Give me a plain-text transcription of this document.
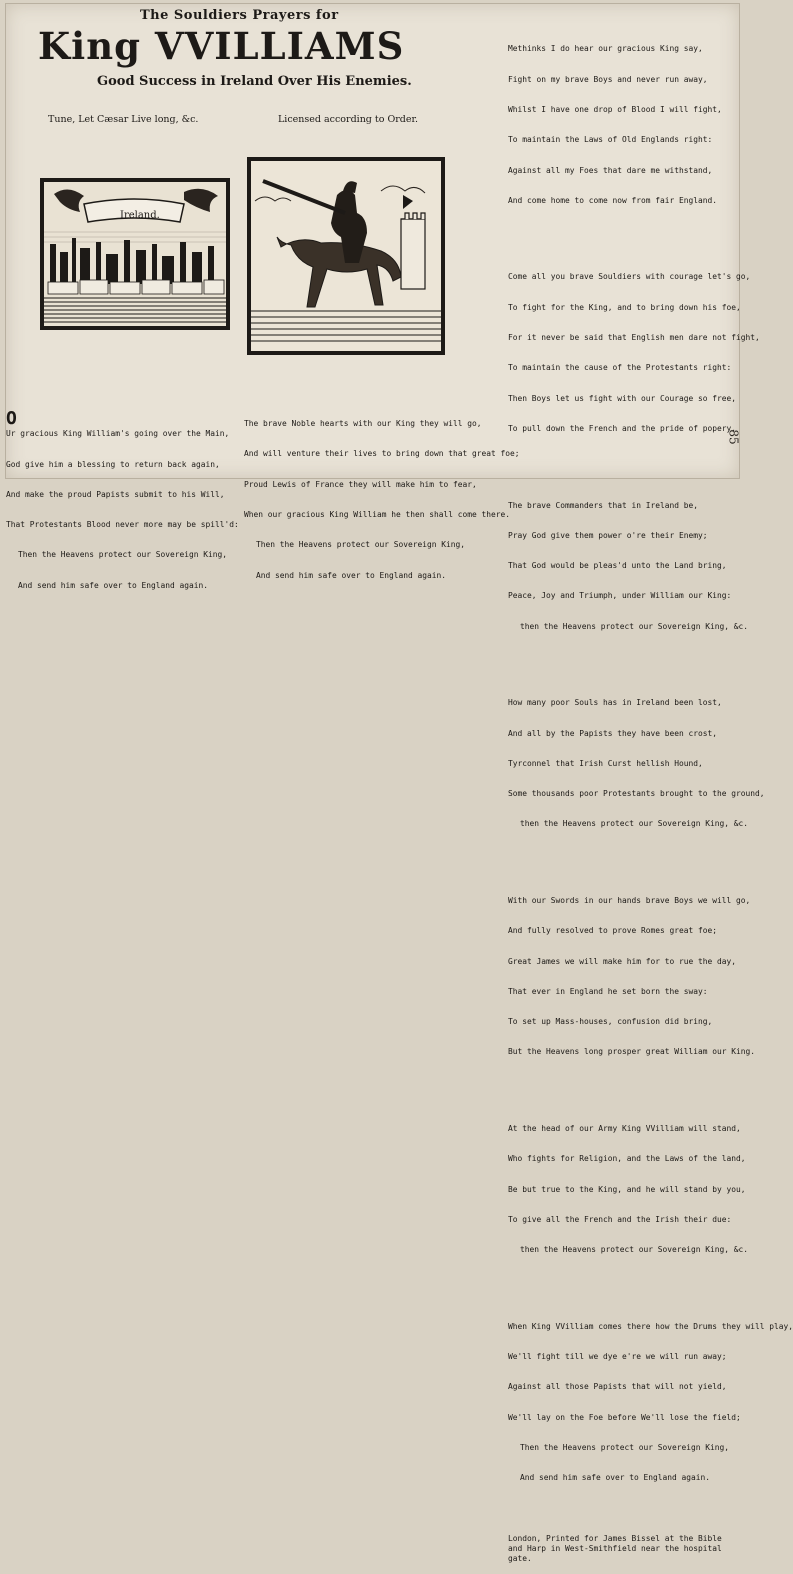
The Souldiers Prayers for
King VVILLIAMS
Good Success in Ireland Over His Enemies.
Tune, Let Cæsar Live long, &c.	Licensed according to Order.
Ireland.

O

Ur gracious King William's going over the Main,

God give him a blessing to return back again,

And make the proud Papists submit to his Will,

That Protestants Blood never more may be spill'd:

Then the Heavens protect our Sovereign King,

And send him safe over to England again.

The brave Noble hearts with our King they will go,

And will venture their lives to bring down that great foe;

Proud Lewis of France they will make him to fear,

When our gracious King William he then shall come there.

Then the Heavens protect our Sovereign King,

And send him safe over to England again.

Methinks I do hear our gracious King say,

Fight on my brave Boys and never run away,

Whilst I have one drop of Blood I will fight,

To maintain the Laws of Old Englands right:

Against all my Foes that dare me withstand,

And come home to come now from fair England.

Come all you brave Souldiers with courage let's go,

To fight for the King, and to bring down his foe,

For it never be said that English men dare not fight,

To maintain the cause of the Protestants right:

Then Boys let us fight with our Courage so free,

To pull down the French and the pride of popery.

The brave Commanders that in Ireland be,

Pray God give them power o're their Enemy;

That God would be pleas'd unto the Land bring,

Peace, Joy and Triumph, under William our King:

then the Heavens protect our Sovereign King, &c.

How many poor Souls has in Ireland been lost,

And all by the Papists they have been crost,

Tyrconnel that Irish Curst hellish Hound,

Some thousands poor Protestants brought to the ground,

then the Heavens protect our Sovereign King, &c.

With our Swords in our hands brave Boys we will go,

And fully resolved to prove Romes great foe;

Great James we will make him for to rue the day,

That ever in England he set born the sway:

To set up Mass-houses, confusion did bring,

But the Heavens long prosper great William our King.

At the head of our Army King VVilliam will stand,

Who fights for Religion, and the Laws of the land,

Be but true to the King, and he will stand by you,

To give all the French and the Irish their due:

then the Heavens protect our Sovereign King, &c.

When King VVilliam comes there how the Drums they will play,

We'll fight till we dye e're we will run away;

Against all those Papists that will not yield,

We'll lay on the Foe before We'll lose the field;

Then the Heavens protect our Sovereign King,

And send him safe over to England again.

London, Printed for James Bissel at the Bible and Harp in West-Smithfield near the hospital gate.

85
